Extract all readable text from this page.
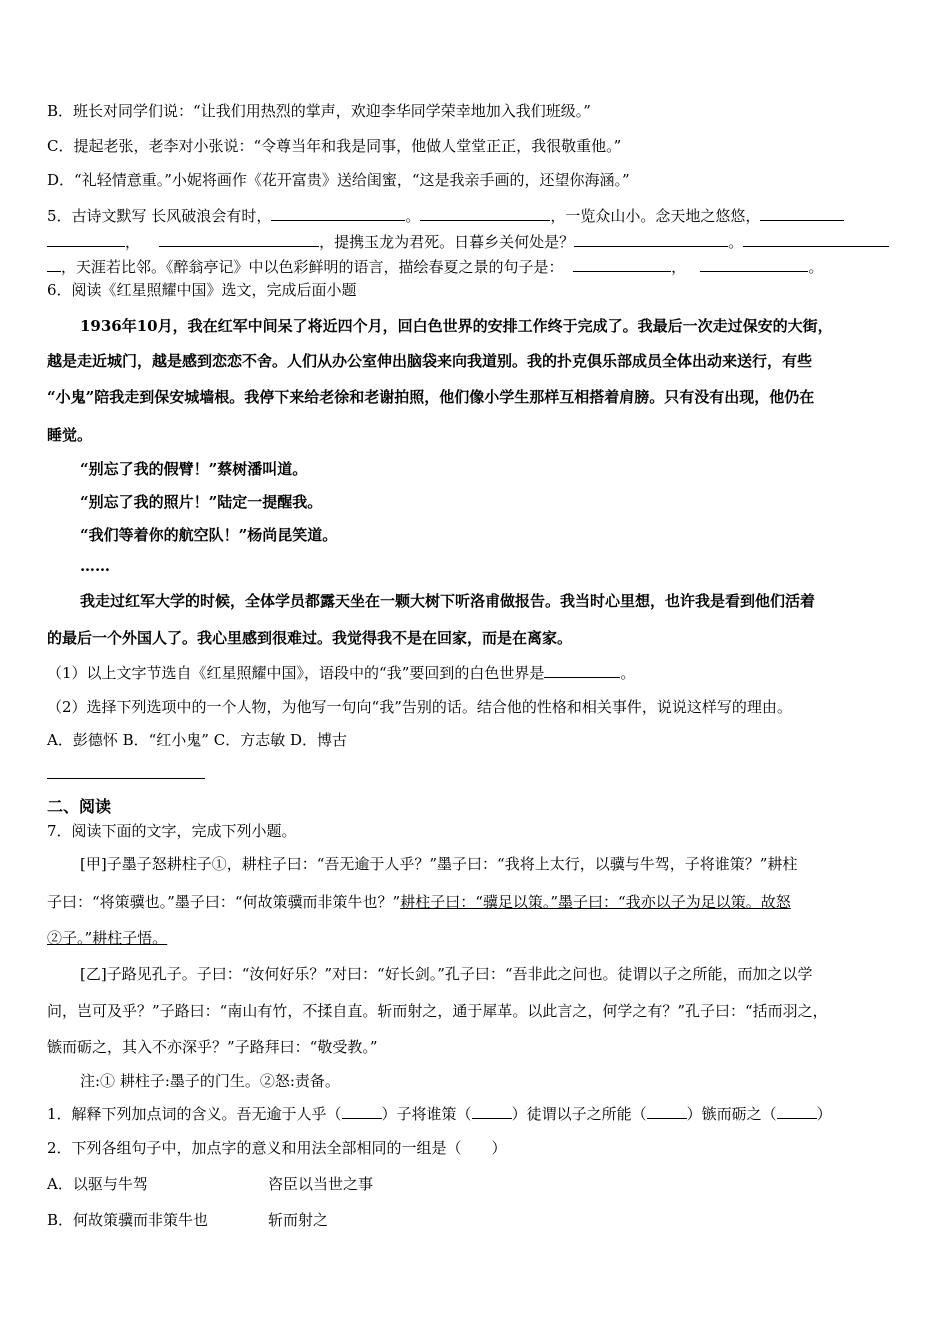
B．班长对同学们说：“让我们用热烈的掌声，欢迎李华同学荣幸地加入我们班级。”
C．提起老张，老李对小张说：“令尊当年和我是同事，他做人堂堂正正，我很敬重他。”
D．“礼轻情意重。”小妮将画作《花开富贵》送给闺蜜，“这是我亲手画的，还望你海涵。”
5．古诗文默写 长风破浪会有时，	。	，一览众山小。念天地之悠悠，
，	，提携玉龙为君死。日暮乡关何处是？	。
，天涯若比邻。《醉翁亭记》中以色彩鲜明的语言，描绘春夏之景的句子是：	，	。
6．阅读《红星照耀中国》选文，完成后面小题
1936年10月，我在红军中间呆了将近四个月，回白色世界的安排工作终于完成了。我最后一次走过保安的大街，
越是走近城门，越是感到恋恋不舍。人们从办公室伸出脑袋来向我道别。我的扑克俱乐部成员全体出动来送行，有些
“小鬼”陪我走到保安城墙根。我停下来给老徐和老谢拍照，他们像小学生那样互相搭着肩膀。只有没有出现，他仍在
睡觉。
“别忘了我的假臂！”蔡树潘叫道。
“别忘了我的照片！”陆定一提醒我。
“我们等着你的航空队！”杨尚昆笑道。
……
我走过红军大学的时候，全体学员都露天坐在一颗大树下听洛甫做报告。我当时心里想，也许我是看到他们活着
的最后一个外国人了。我心里感到很难过。我觉得我不是在回家，而是在离家。
（1）以上文字节选自《红星照耀中国》，语段中的“我”要回到的白色世界是	。
（2）选择下列选项中的一个人物，为他写一句向“我”告别的话。结合他的性格和相关事件，说说这样写的理由。
A．彭德怀 B．“红小鬼” C．方志敏 D．博古
二、阅读
7．阅读下面的文字，完成下列小题。
[甲]子墨子怒耕柱子①，耕柱子曰：“吾无逾于人乎？”墨子曰：“我将上太行，以骥与牛驾，子将谁策？”耕柱
子曰：“将策骥也。”墨子曰：“何故策骥而非策牛也？”耕柱子曰：“骥足以策。”墨子曰：“我亦以子为足以策。故怒
②子。”耕柱子悟。
[乙]子路见孔子。子曰：“汝何好乐？”对曰：“好长剑。”孔子曰：“吾非此之问也。徒谓以子之所能，而加之以学
问，岂可及乎？”子路曰：“南山有竹，不揉自直。斩而射之，通于犀革。以此言之，何学之有？”孔子曰：“括而羽之，
镞而砺之，其入不亦深乎？”子路拜曰：“敬受教。”
注:① 耕柱子:墨子的门生。②怒:责备。
1．解释下列加点词的含义。吾无逾于人乎（	）子将谁策（	）徒谓以子之所能（	）镞而砺之（	）
2．下列各组句子中，加点字的意义和用法全部相同的一组是（　　）
A．以驱与牛驾	咨臣以当世之事
B．何故策骥而非策牛也	斩而射之
